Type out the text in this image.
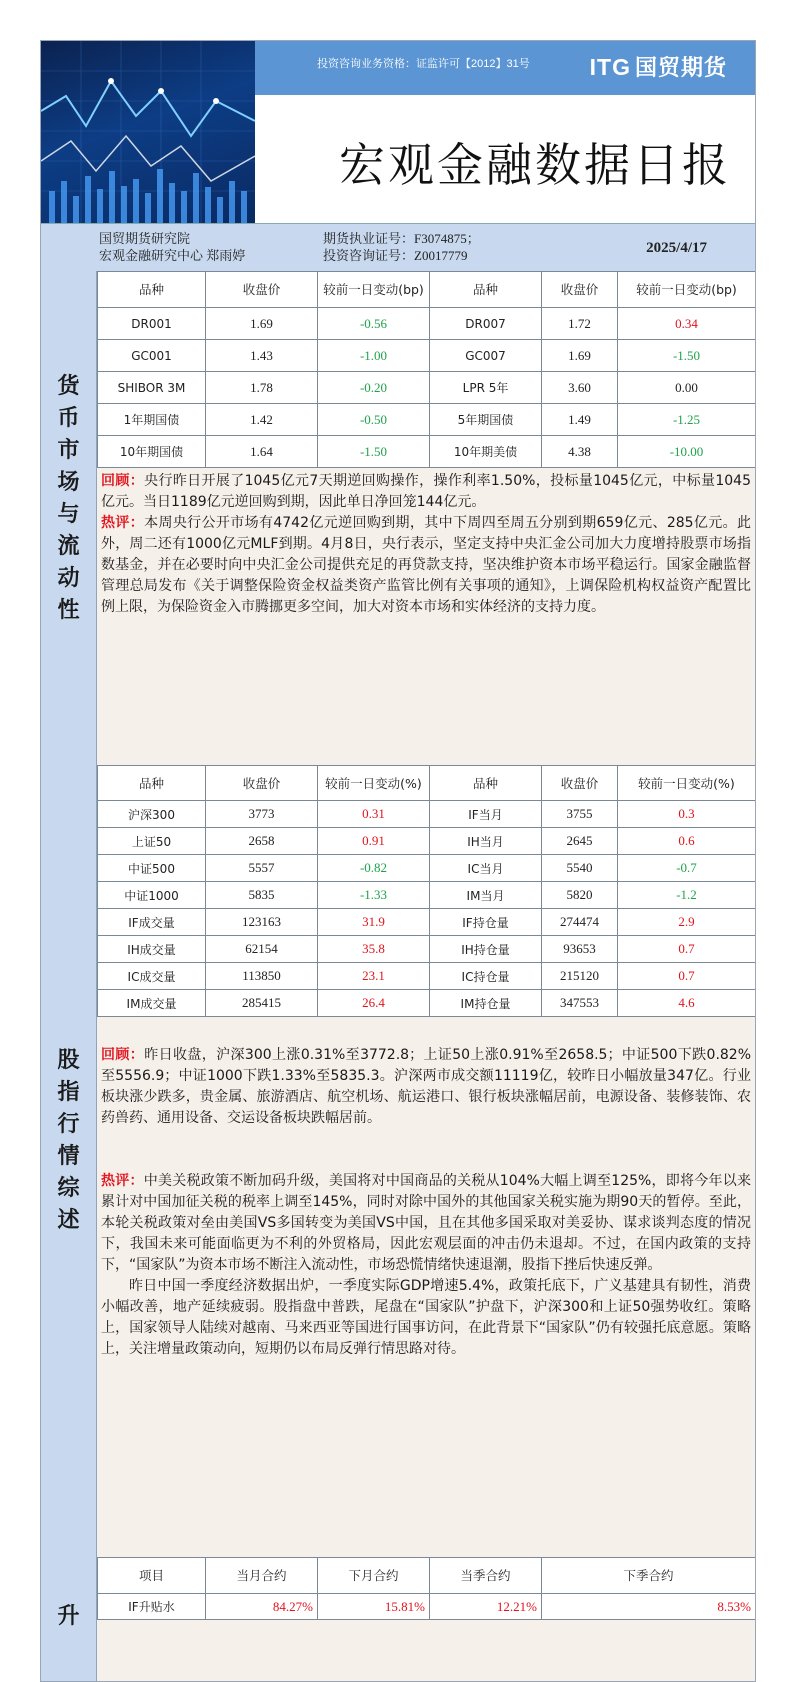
投资咨询业务资格：证监许可【2012】31号	ITG 国贸期货
宏观金融数据日报
国贸期货研究院
宏观金融研究中心 郑雨婷
期货执业证号：F3074875；
投资咨询证号：Z0017779	2025/4/17
货
币
市
场
与
流
动
性
品种	收盘价	较前一日变动(bp)	品种	收盘价	较前一日变动(bp)
DR001	1.69	-0.56	DR007	1.72	0.34
GC001	1.43	-1.00	GC007	1.69	-1.50
SHIBOR 3M	1.78	-0.20	LPR 5年	3.60	0.00
1年期国债	1.42	-0.50	5年期国债	1.49	-1.25
10年期国债	1.64	-1.50	10年期美债	4.38	-10.00

回顾：央行昨日开展了1045亿元7天期逆回购操作，操作利率1.50%，投标量1045亿元，中标量1045亿元。当日1189亿元逆回购到期，因此单日净回笼144亿元。

热评：本周央行公开市场有4742亿元逆回购到期，其中下周四至周五分别到期659亿元、285亿元。此外，周二还有1000亿元MLF到期。4月8日，央行表示，坚定支持中央汇金公司加大力度增持股票市场指数基金，并在必要时向中央汇金公司提供充足的再贷款支持，坚决维护资本市场平稳运行。国家金融监督管理总局发布《关于调整保险资金权益类资产监管比例有关事项的通知》，上调保险机构权益资产配置比例上限，为保险资金入市腾挪更多空间，加大对资本市场和实体经济的支持力度。

股
指
行
情
综
述
品种	收盘价	较前一日变动(%)	品种	收盘价	较前一日变动(%)
沪深300	3773	0.31	IF当月	3755	0.3
上证50	2658	0.91	IH当月	2645	0.6
中证500	5557	-0.82	IC当月	5540	-0.7
中证1000	5835	-1.33	IM当月	5820	-1.2
IF成交量	123163	31.9	IF持仓量	274474	2.9
IH成交量	62154	35.8	IH持仓量	93653	0.7
IC成交量	113850	23.1	IC持仓量	215120	0.7
IM成交量	285415	26.4	IM持仓量	347553	4.6

回顾：昨日收盘，沪深300上涨0.31%至3772.8；上证50上涨0.91%至2658.5；中证500下跌0.82%至5556.9；中证1000下跌1.33%至5835.3。沪深两市成交额11119亿，较昨日小幅放量347亿。行业板块涨少跌多，贵金属、旅游酒店、航空机场、航运港口、银行板块涨幅居前，电源设备、装修装饰、农药兽药、通用设备、交运设备板块跌幅居前。

热评：中美关税政策不断加码升级，美国将对中国商品的关税从104%大幅上调至125%，即将今年以来累计对中国加征关税的税率上调至145%，同时对除中国外的其他国家关税实施为期90天的暂停。至此，本轮关税政策对垒由美国VS多国转变为美国VS中国，且在其他多国采取对美妥协、谋求谈判态度的情况下，我国未来可能面临更为不利的外贸格局，因此宏观层面的冲击仍未退却。不过，在国内政策的支持下，“国家队”为资本市场不断注入流动性，市场恐慌情绪快速退潮，股指下挫后快速反弹。

昨日中国一季度经济数据出炉，一季度实际GDP增速5.4%，政策托底下，广义基建具有韧性，消费小幅改善，地产延续疲弱。股指盘中普跌，尾盘在“国家队”护盘下，沪深300和上证50强势收红。策略上，国家领导人陆续对越南、马来西亚等国进行国事访问，在此背景下“国家队”仍有较强托底意愿。策略上，关注增量政策动向，短期仍以布局反弹行情思路对待。

升
项目	当月合约	下月合约	当季合约	下季合约
IF升贴水	84.27%	15.81%	12.21%	8.53%
